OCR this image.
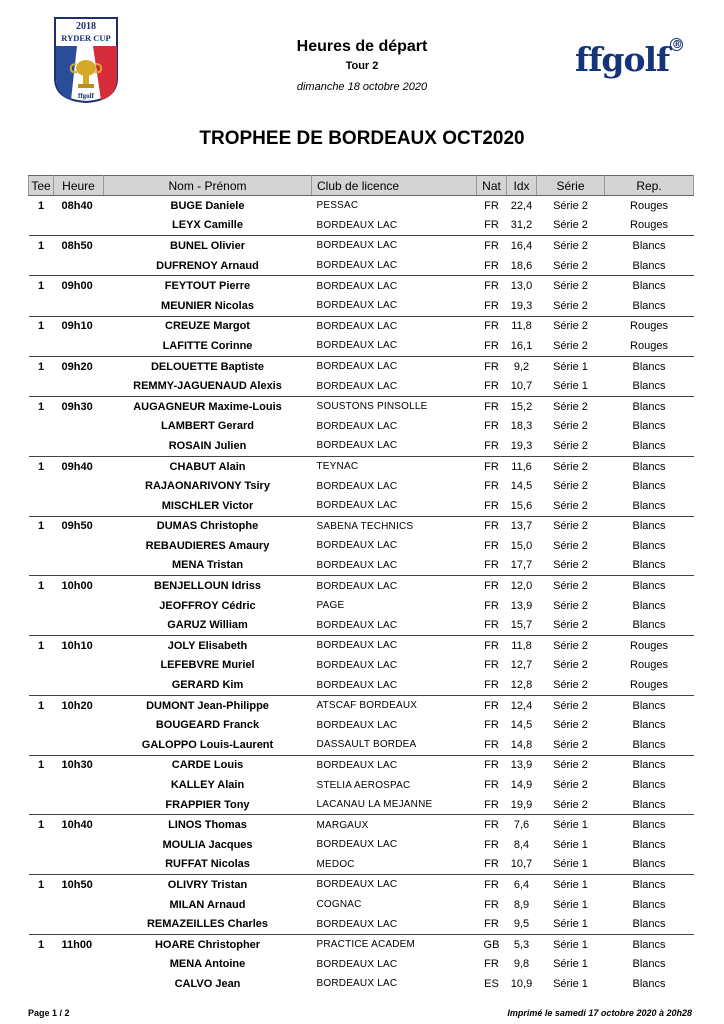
2018
RYDER CUP
ffgolf
ffgolf ®
Heures de départ
Tour 2
dimanche 18 octobre 2020
TROPHEE DE BORDEAUX OCT2020
Tee	Heure	Nom - Prénom	Club de licence	Nat	Idx	Série	Rep.
1	08h40	BUGE Daniele	PESSAC	FR	22,4	Série 2	Rouges
		LEYX Camille	BORDEAUX LAC	FR	31,2	Série 2	Rouges
1	08h50	BUNEL Olivier	BORDEAUX LAC	FR	16,4	Série 2	Blancs
		DUFRENOY Arnaud	BORDEAUX LAC	FR	18,6	Série 2	Blancs
1	09h00	FEYTOUT Pierre	BORDEAUX LAC	FR	13,0	Série 2	Blancs
		MEUNIER Nicolas	BORDEAUX LAC	FR	19,3	Série 2	Blancs
1	09h10	CREUZE Margot	BORDEAUX LAC	FR	11,8	Série 2	Rouges
		LAFITTE Corinne	BORDEAUX LAC	FR	16,1	Série 2	Rouges
1	09h20	DELOUETTE Baptiste	BORDEAUX LAC	FR	9,2	Série 1	Blancs
		REMMY-JAGUENAUD Alexis	BORDEAUX LAC	FR	10,7	Série 1	Blancs
1	09h30	AUGAGNEUR Maxime-Louis	SOUSTONS PINSOLLE	FR	15,2	Série 2	Blancs
		LAMBERT Gerard	BORDEAUX LAC	FR	18,3	Série 2	Blancs
		ROSAIN Julien	BORDEAUX LAC	FR	19,3	Série 2	Blancs
1	09h40	CHABUT Alain	TEYNAC	FR	11,6	Série 2	Blancs
		RAJAONARIVONY Tsiry	BORDEAUX LAC	FR	14,5	Série 2	Blancs
		MISCHLER Victor	BORDEAUX LAC	FR	15,6	Série 2	Blancs
1	09h50	DUMAS Christophe	SABENA TECHNICS	FR	13,7	Série 2	Blancs
		REBAUDIERES Amaury	BORDEAUX LAC	FR	15,0	Série 2	Blancs
		MENA Tristan	BORDEAUX LAC	FR	17,7	Série 2	Blancs
1	10h00	BENJELLOUN Idriss	BORDEAUX LAC	FR	12,0	Série 2	Blancs
		JEOFFROY Cédric	PAGE	FR	13,9	Série 2	Blancs
		GARUZ William	BORDEAUX LAC	FR	15,7	Série 2	Blancs
1	10h10	JOLY Elisabeth	BORDEAUX LAC	FR	11,8	Série 2	Rouges
		LEFEBVRE Muriel	BORDEAUX LAC	FR	12,7	Série 2	Rouges
		GERARD Kim	BORDEAUX LAC	FR	12,8	Série 2	Rouges
1	10h20	DUMONT Jean-Philippe	ATSCAF BORDEAUX	FR	12,4	Série 2	Blancs
		BOUGEARD Franck	BORDEAUX LAC	FR	14,5	Série 2	Blancs
		GALOPPO Louis-Laurent	DASSAULT BORDEA	FR	14,8	Série 2	Blancs
1	10h30	CARDE Louis	BORDEAUX LAC	FR	13,9	Série 2	Blancs
		KALLEY Alain	STELIA AEROSPAC	FR	14,9	Série 2	Blancs
		FRAPPIER Tony	LACANAU LA MEJANNE	FR	19,9	Série 2	Blancs
1	10h40	LINOS Thomas	MARGAUX	FR	7,6	Série 1	Blancs
		MOULIA Jacques	BORDEAUX LAC	FR	8,4	Série 1	Blancs
		RUFFAT Nicolas	MEDOC	FR	10,7	Série 1	Blancs
1	10h50	OLIVRY Tristan	BORDEAUX LAC	FR	6,4	Série 1	Blancs
		MILAN Arnaud	COGNAC	FR	8,9	Série 1	Blancs
		REMAZEILLES Charles	BORDEAUX LAC	FR	9,5	Série 1	Blancs
1	11h00	HOARE Christopher	PRACTICE ACADEM	GB	5,3	Série 1	Blancs
		MENA Antoine	BORDEAUX LAC	FR	9,8	Série 1	Blancs
		CALVO Jean	BORDEAUX LAC	ES	10,9	Série 1	Blancs
Page 1 / 2	Imprimé le samedi 17 octobre 2020 à 20h28
